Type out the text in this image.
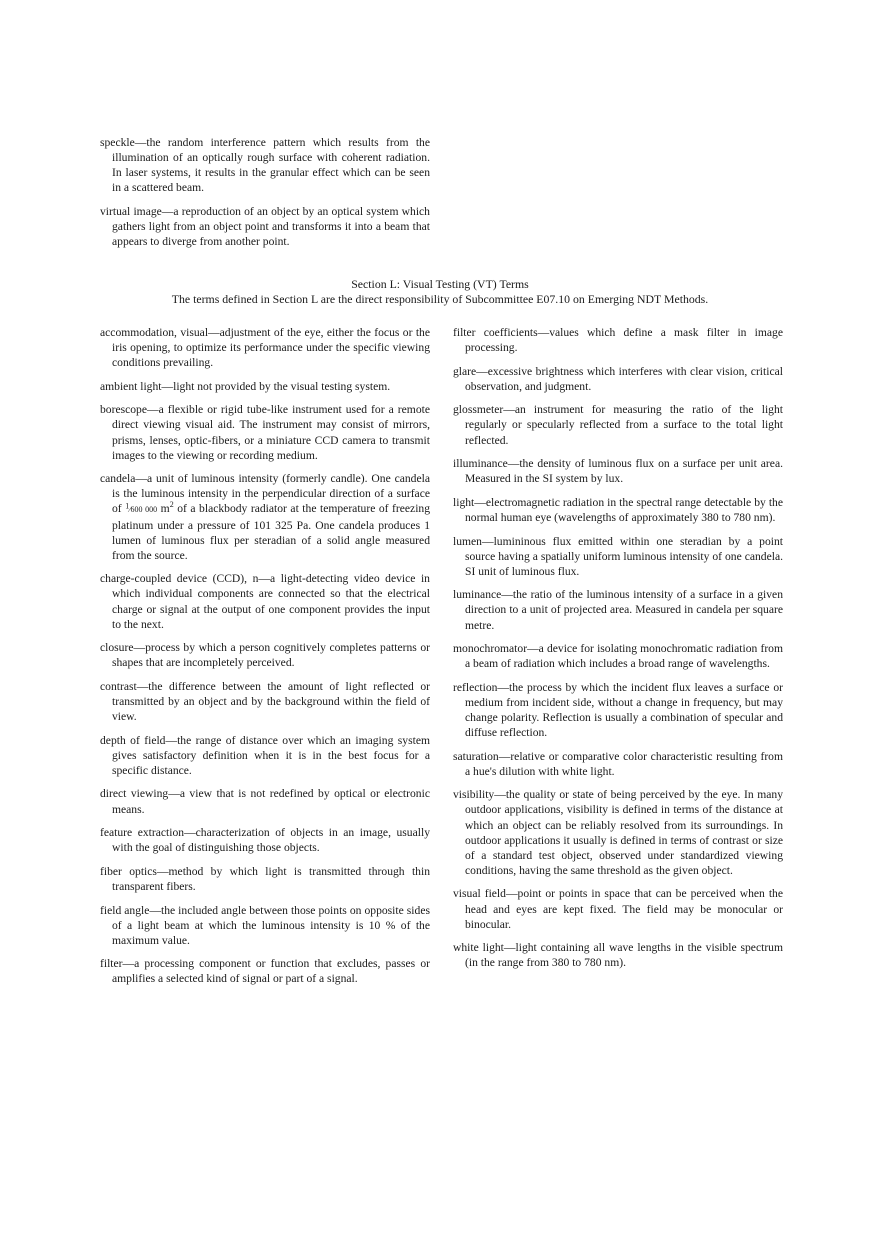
speckle—the random interference pattern which results from the illumination of an optically rough surface with coherent radiation. In laser systems, it results in the granular effect which can be seen in a scattered beam.

virtual image—a reproduction of an object by an optical system which gathers light from an object point and transforms it into a beam that appears to diverge from another point.

Section L: Visual Testing (VT) Terms
The terms defined in Section L are the direct responsibility of Subcommittee E07.10 on Emerging NDT Methods.

accommodation, visual—adjustment of the eye, either the focus or the iris opening, to optimize its performance under the specific viewing conditions prevailing.

ambient light—light not provided by the visual testing system.

borescope—a flexible or rigid tube-like instrument used for a remote direct viewing visual aid. The instrument may consist of mirrors, prisms, lenses, optic-fibers, or a miniature CCD camera to transmit images to the viewing or recording medium.

candela—a unit of luminous intensity (formerly candle). One candela is the luminous intensity in the perpendicular direction of a surface of $^1$⁄600 000 $m^2$ of a blackbody radiator at the temperature of freezing platinum under a pressure of 101 325 Pa. One candela produces 1 lumen of luminous flux per steradian of a solid angle measured from the source.

charge-coupled device (CCD), n—a light-detecting video device in which individual components are connected so that the electrical charge or signal at the output of one component provides the input to the next.

closure—process by which a person cognitively completes patterns or shapes that are incompletely perceived.

contrast—the difference between the amount of light reflected or transmitted by an object and by the background within the field of view.

depth of field—the range of distance over which an imaging system gives satisfactory definition when it is in the best focus for a specific distance.

direct viewing—a view that is not redefined by optical or electronic means.

feature extraction—characterization of objects in an image, usually with the goal of distinguishing those objects.

fiber optics—method by which light is transmitted through thin transparent fibers.

field angle—the included angle between those points on opposite sides of a light beam at which the luminous intensity is 10 % of the maximum value.

filter—a processing component or function that excludes, passes or amplifies a selected kind of signal or part of a signal.

filter coefficients—values which define a mask filter in image processing.

glare—excessive brightness which interferes with clear vision, critical observation, and judgment.

glossmeter—an instrument for measuring the ratio of the light regularly or specularly reflected from a surface to the total light reflected.

illuminance—the density of luminous flux on a surface per unit area. Measured in the SI system by lux.

light—electromagnetic radiation in the spectral range detectable by the normal human eye (wavelengths of approximately 380 to 780 nm).

lumen—lumininous flux emitted within one steradian by a point source having a spatially uniform luminous intensity of one candela. SI unit of luminous flux.

luminance—the ratio of the luminous intensity of a surface in a given direction to a unit of projected area. Measured in candela per square metre.

monochromator—a device for isolating monochromatic radiation from a beam of radiation which includes a broad range of wavelengths.

reflection—the process by which the incident flux leaves a surface or medium from incident side, without a change in frequency, but may change polarity. Reflection is usually a combination of specular and diffuse reflection.

saturation—relative or comparative color characteristic resulting from a hue's dilution with white light.

visibility—the quality or state of being perceived by the eye. In many outdoor applications, visibility is defined in terms of the distance at which an object can be reliably resolved from its surroundings. In outdoor applications it usually is defined in terms of contrast or size of a standard test object, observed under standardized viewing conditions, having the same threshold as the given object.

visual field—point or points in space that can be perceived when the head and eyes are kept fixed. The field may be monocular or binocular.

white light—light containing all wave lengths in the visible spectrum (in the range from 380 to 780 nm).
